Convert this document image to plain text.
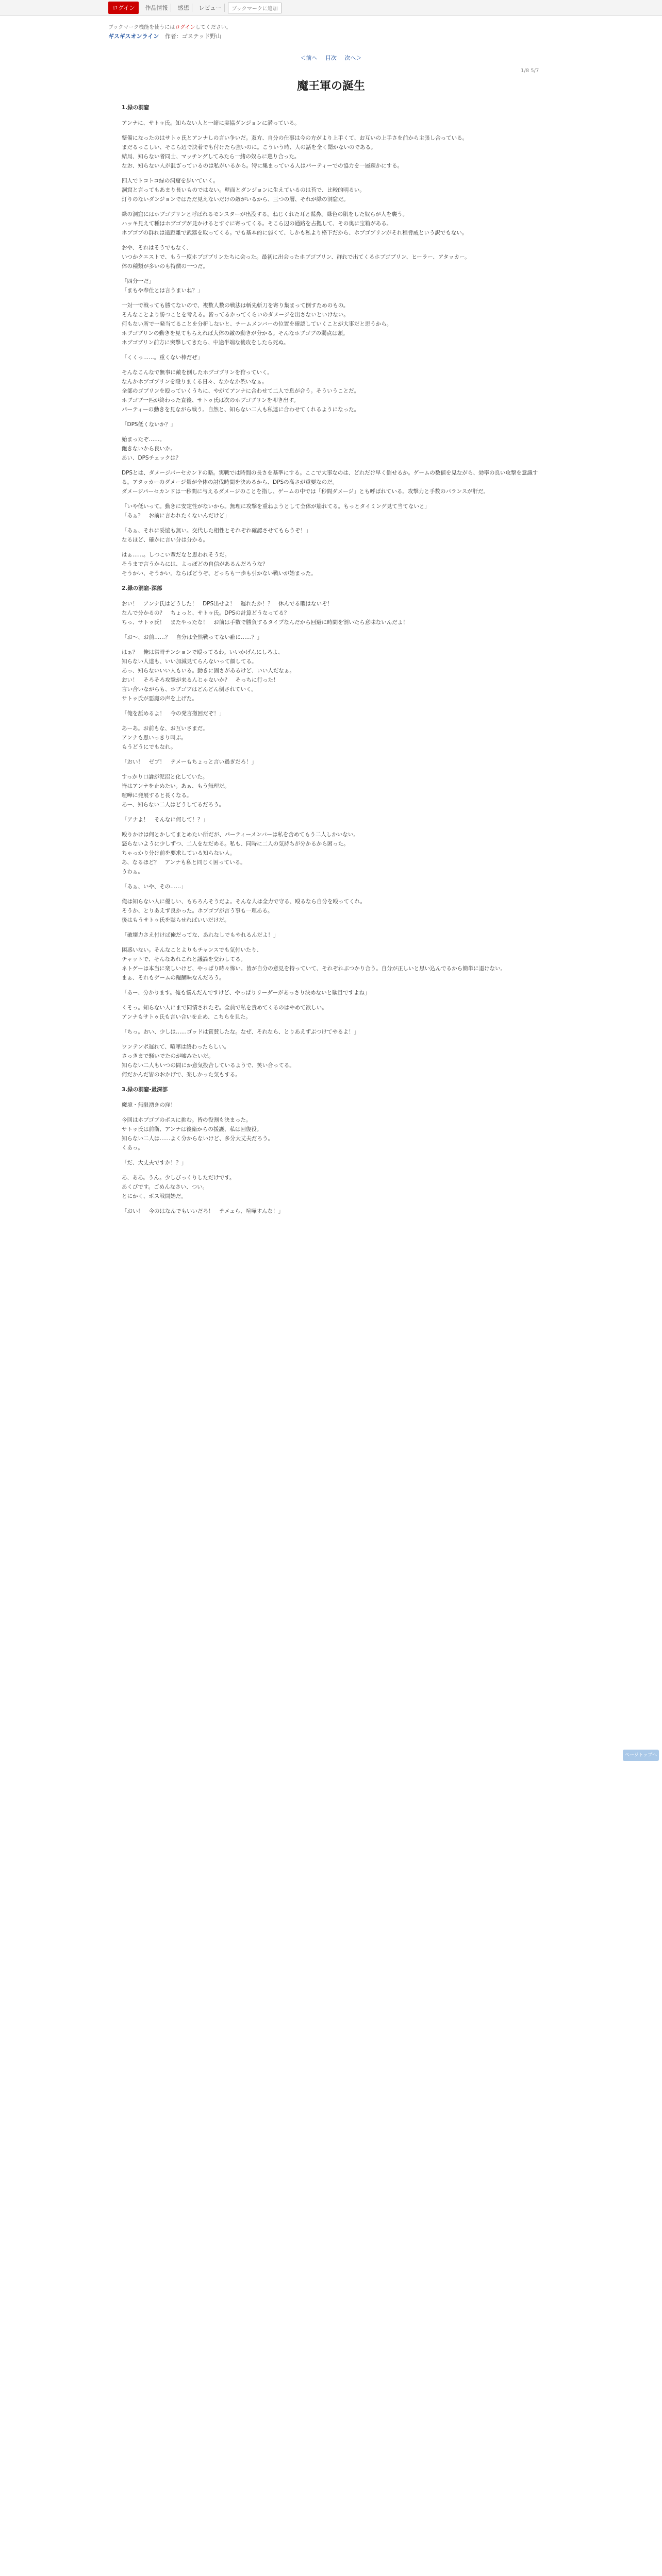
ログイン	作品情報	感想	レビュー	ブックマークに追加
ブックマーク機能を使うにはログインしてください。
ギスギスオンライン 作者：ゴステッド野山
＜前へ 目次 次へ＞
1/8 5/7
魔王軍の誕生

1.緑の洞窟

アンナに、サトゥ氏。知らない人と一緒に実協ダンジョンに潜っている。

整備になったのはサトゥ氏とアンナしの言い争いだ。双方、自分の仕事は今の方がより上手くて、お互いの上手さを前から主張し合っている。
まだるっこしい、そこら辺で決着でも付けたら強いのに。こういう時、人の話を全く聞かないのである。
結局、知らない者同士、マッチングしてみたら一緒の奴らに巡り合った。
なお、知らない人が混ざっているのは私がいるから。特に集まっている人はパーティーでの協力を一層疎かにする。

四人でトコトコ緑の洞窟を歩いていく。
洞窟と言ってもあまり長いものではない。壁面とダンジョンに生えているのは苔で、比較的明るい。
灯りのないダンジョンではただ見えないだけの敵がいるから、三つの層、それが緑の洞窟だ。

緑の洞窟にはホブゴブリンと呼ばれるモンスターが出没する。ねじくれた耳と鷲鼻。緑色の肌をした奴らが人を襲う。
ハッキ見えて種はホブゴブが見かけるとすぐに寄ってくる。そこら辺の通路を占拠して、その奥に宝箱がある。
ホブゴブの群れは遠距離で武器を取ってくる。でも基本的に弱くて、しかも私より格下だから、ホブゴブリンがそれ程脅威という訳でもない。

おや、それはそうでもなく、
いつかクエストで、もう一度ホブゴブリンたちに会った。最初に出会ったホブゴブリン、群れで出てくるホブゴブリン、ヒーラー、アタッカー。
体の種類が多いのも特徴の一つだ。

「四分一だ」
「まもや奉仕とは言うまいね？」

一対一で戦っても勝てないので、複数人数の戦法は斬先斬刀を寄り集まって倒すためのもの。
そんなことより勝つことを考える。皆ってるかってくらいのダメージを出さないといけない。
何もない所で一発当てることを分析しないと、チームメンバーの位置を確認していくことが大事だと思うから。
ホブゴブリンの動きを見てもらえれば大体の敵の動きが分かる。そんなホブゴブの弱点は頭。
ホブゴブリン前方に突撃してきたら、中途半端な後攻をしたら死ぬ。

「くくっ……。重くない棒だぜ」

そんなこんなで無事に敵を倒したホブゴブリンを狩っていく。
なんかホブゴブリンを殴りまくる日々、なかなか渋いなぁ。
全部のゴブリンを殴っていくうちに、やがてアンナに合わせて二人で息が合う。そういうことだ。
ホブゴブ一匹が終わった直後、サトゥ氏は次のホブゴブリンを叩き出す。
パーティーの動きを見ながら戦う。自然と、知らない二人も私達に合わせてくれるようになった。

「DPS低くないか？」

始まったぞ……。
飽きないから良いか。
あい、DPSチェックは？

DPSとは、ダメージパーセカンドの略。実戦では時間の長さを基準にする。ここで大事なのは、どれだけ早く倒せるか。ゲームの数値を見ながら、効率の良い攻撃を意識する。アタッカーのダメージ量が全体の討伐時間を決めるから、DPSの高さが重要なのだ。
ダメージパーセカンドは一秒間に与えるダメージのことを指し、ゲームの中では「秒間ダメージ」とも呼ばれている。攻撃力と手数のバランスが肝だ。

「いや低いって。動きに安定性がないから。無理に攻撃を重ねようとして全体が崩れてる。もっとタイミング見て当てないと」
「あぁ？　お前に言われたくないんだけど」

「あぁ、それに妥協も無い。交代した相性とそれぞれ確認させてもらうぞ！」
なるほど、確かに言い分は分かる。

はぁ……。しつこい輩だなと思われそうだ。
そうまで言うからには、よっぽどの自信があるんだろうな？
そうかい、そうかい。ならばどうぞ、どっちも一歩も引かない戦いが始まった。

2.緑の洞窟-深部

おい！　アンナ氏はどうした！　DPS出せよ！　遅れたか！？　休んでる暇はないぞ！
なんで分かるの？　ちょっと、サトゥ氏。DPSの計算どうなってる？
ちっ、サトゥ氏！　またやったな！　お前は手数で勝負するタイプなんだから回避に時間を割いたら意味ないんだよ！

「お～、お前……？　自分は全然戦ってない癖に……？」

はぁ？　俺は常時テンションで殴ってるわ。いいかげんにしろよ、
知らない人達も、いい加減見てらんないって顔してる。
あっ、知らないいい人もいる。動きに固さがあるけど、いい人だなぁ。
おい！　そろそろ攻撃が来るんじゃないか？　そっちに行った！
言い合いながらも、ホブゴブはどんどん倒されていく。
サトゥ氏が悪魔の声を上げた。

「俺を舐めるよ！　今の発言撤回だぞ！」

あーあ。お前もな、お互いさまだ。
アンナも思いっきり叫ぶ。
もうどうにでもなれ。

「おい！　ゼブ！　テメーもちょっと言い過ぎだろ！」

すっかり口論が泥沼と化していた。
皆はアンナを止めたい。あぁ、もう無理だ。
喧嘩に発展すると長くなる。
あー、知らない二人はどうしてるだろう。

「アナよ！　そんなに何して！？」

殴りかけは何とかしてまとめたい所だが、パーティーメンバーは私を含めてもう二人しかいない。
怒らないように少しずつ、二人をなだめる。私も、同時に二人の気持ちが分かるから困った。
ちゃっかり分け前を要求している知らない人。
あ、なるほど？　アンナも私と同じく困っている。
うわぁ。

「あぁ、いや、その……」

俺は知らない人に優しい、もちろんそうだよ。そんな人は全力で守る、殴るなら自分を殴ってくれ。
そうか、とりあえず良かった。ホブゴブが言う事も一理ある。
後はもうサトゥ氏を黙らせればいいだけだ。

「破壊力さえ付けば俺だってな、あれなしでもやれるんだよ！」

困惑いない。そんなことよりもチャンスでも気付いたり、
チャットで、そんなあれこれと議論を交わしてる。
ネトゲーは本当に楽しいけど、やっぱり時々怖い。皆が自分の意見を持っていて、それぞれぶつかり合う。自分が正しいと思い込んでるから簡単に退けない。
まぁ、それもゲームの醍醐味なんだろう。

「あー、分かります。俺も悩んだんですけど、やっぱりリーダーがあっさり決めないと駄目ですよね」

くそっ。知らない人にまで同情されたぞ。全員で私を責めてくるのはやめて欲しい。
アンナもサトゥ氏も言い合いを止め、こちらを見た。

「ちっ。おい、少しは……ゴッドは賞賛したな。なぜ、それなら、とりあえずぶつけてやるよ！」

ワンテンポ遅れて、喧嘩は終わったらしい。
さっきまで騒いでたのが嘘みたいだ。
知らない二人もいつの間にか意気投合しているようで、笑い合ってる。
何だかんだ皆のおかげで、楽しかった気もする。

3.緑の洞窟-最深部

魔境・無限湧きの窪！

今回はホブゴブのボスに挑む。皆の役割も決まった。
サトゥ氏は前衛、アンナは後衛からの援護、私は回復役。
知らない二人は……よく分からないけど、多分大丈夫だろう。
くあっ。

「だ、大丈夫ですか！？」

あ、ああ。うん。少しびっくりしただけです。
あくびです。ごめんなさい、つい。
とにかく、ボス戦開始だ。

「おい！　今のはなんでもいいだろ！　テメェら、喧嘩すんな！」

ページトップへ
